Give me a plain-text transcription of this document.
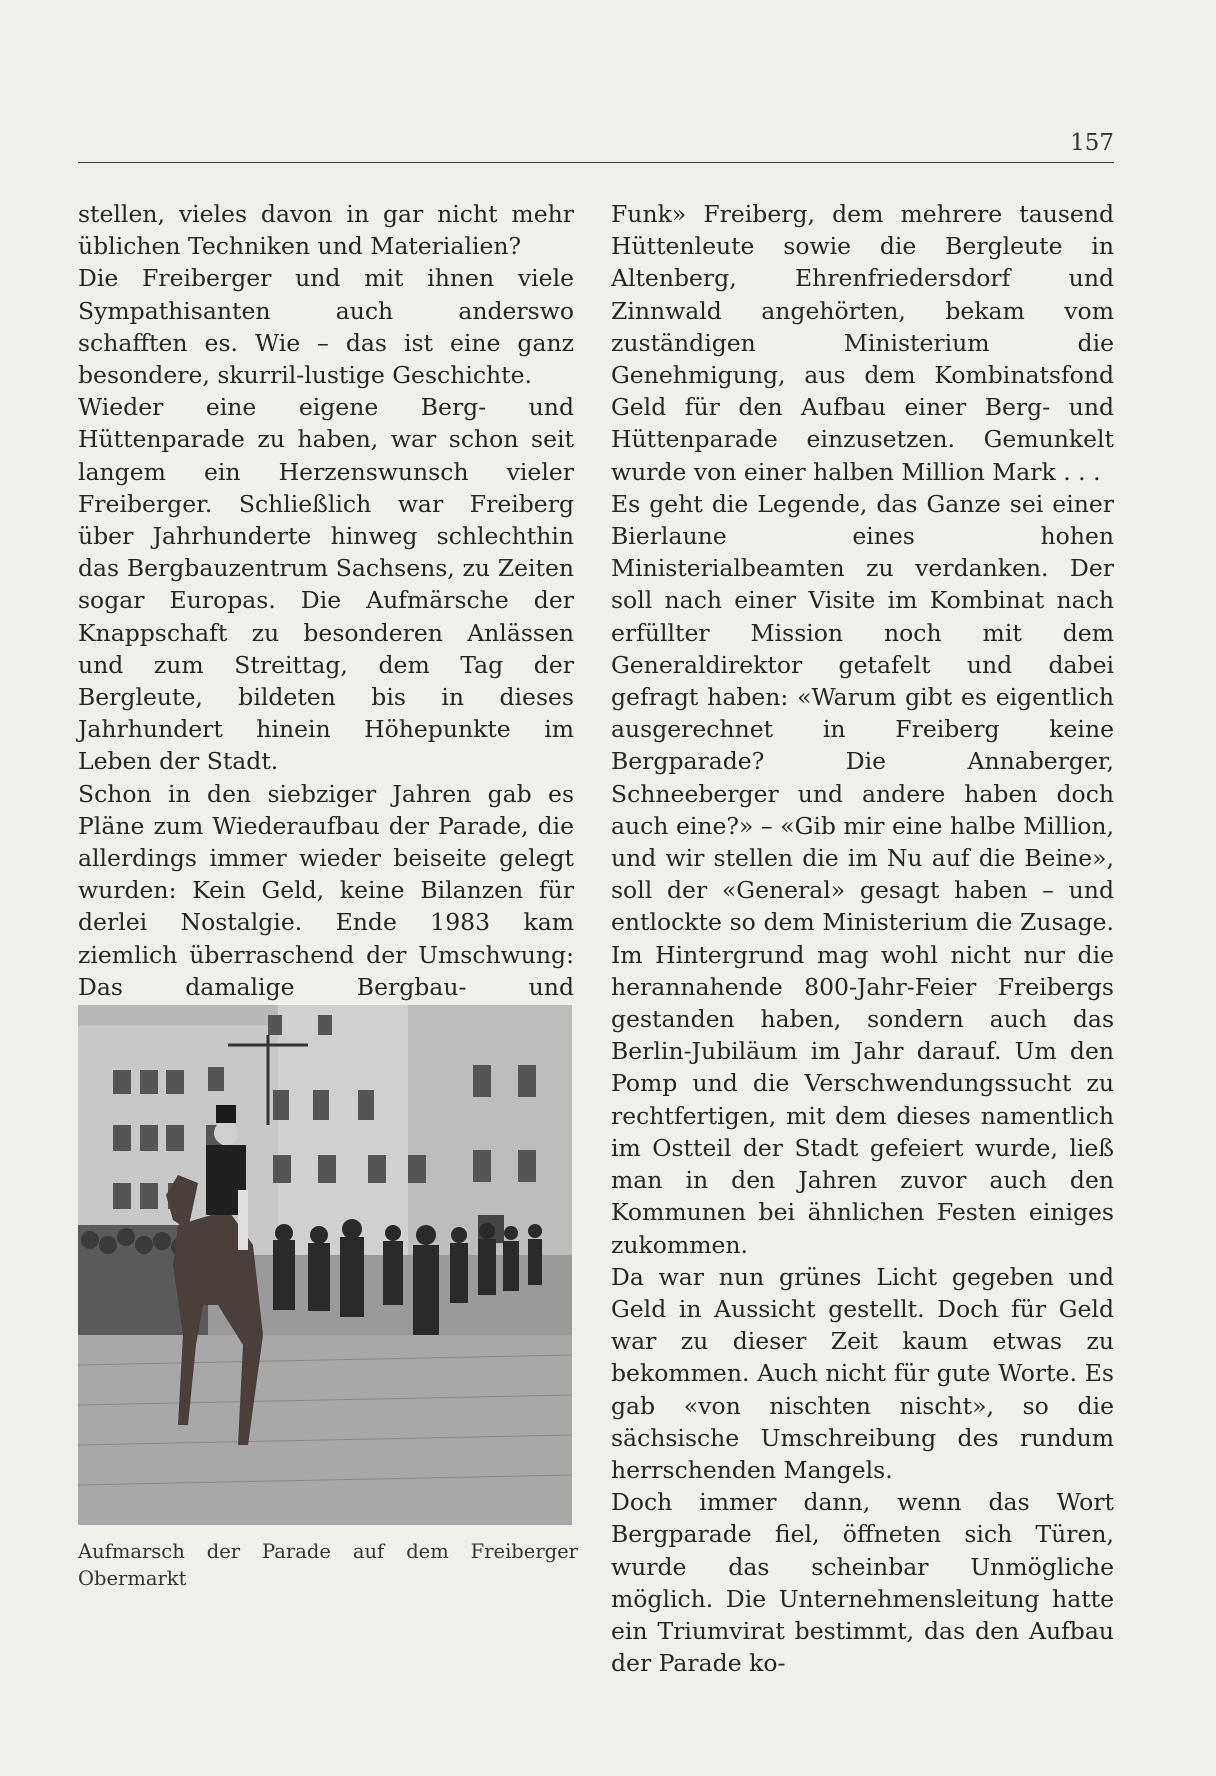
157

stellen, vieles davon in gar nicht mehr üblichen Techniken und Materialien?

Die Freiberger und mit ihnen viele Sympathisanten auch anderswo schafften es. Wie – das ist eine ganz besondere, skurril-lustige Geschichte.

Wieder eine eigene Berg- und Hüttenparade zu haben, war schon seit langem ein Herzenswunsch vieler Freiberger. Schließlich war Freiberg über Jahrhunderte hinweg schlechthin das Bergbauzentrum Sachsens, zu Zeiten sogar Europas. Die Aufmärsche der Knappschaft zu besonderen Anlässen und zum Streittag, dem Tag der Bergleute, bildeten bis in dieses Jahrhundert hinein Höhepunkte im Leben der Stadt.

Schon in den siebziger Jahren gab es Pläne zum Wiederaufbau der Parade, die allerdings immer wieder beiseite gelegt wurden: Kein Geld, keine Bilanzen für derlei Nostalgie. Ende 1983 kam ziemlich überraschend der Umschwung: Das damalige Bergbau- und

Aufmarsch der Parade auf dem Freiberger Obermarkt

Funk» Freiberg, dem mehrere tausend Hüttenleute sowie die Bergleute in Altenberg, Ehrenfriedersdorf und Zinnwald angehörten, bekam vom zuständigen Ministerium die Genehmigung, aus dem Kombinatsfond Geld für den Aufbau einer Berg- und Hüttenparade einzusetzen. Gemunkelt wurde von einer halben Million Mark . . .

Es geht die Legende, das Ganze sei einer Bierlaune eines hohen Ministerialbeamten zu verdanken. Der soll nach einer Visite im Kombinat nach erfüllter Mission noch mit dem Generaldirektor getafelt und dabei gefragt haben: «Warum gibt es eigentlich ausgerechnet in Freiberg keine Bergparade? Die Annaberger, Schneeberger und andere haben doch auch eine?» – «Gib mir eine halbe Million, und wir stellen die im Nu auf die Beine», soll der «General» gesagt haben – und entlockte so dem Ministerium die Zusage. Im Hintergrund mag wohl nicht nur die herannahende 800-Jahr-Feier Freibergs gestanden haben, sondern auch das Berlin-Jubiläum im Jahr darauf. Um den Pomp und die Verschwendungssucht zu rechtfertigen, mit dem dieses namentlich im Ostteil der Stadt gefeiert wurde, ließ man in den Jahren zuvor auch den Kommunen bei ähnlichen Festen einiges zukommen.

Da war nun grünes Licht gegeben und Geld in Aussicht gestellt. Doch für Geld war zu dieser Zeit kaum etwas zu bekommen. Auch nicht für gute Worte. Es gab «von nischten nischt», so die sächsische Umschreibung des rundum herrschenden Mangels.

Doch immer dann, wenn das Wort Bergparade fiel, öffneten sich Türen, wurde das scheinbar Unmögliche möglich. Die Unternehmensleitung hatte ein Triumvirat bestimmt, das den Aufbau der Parade ko-
